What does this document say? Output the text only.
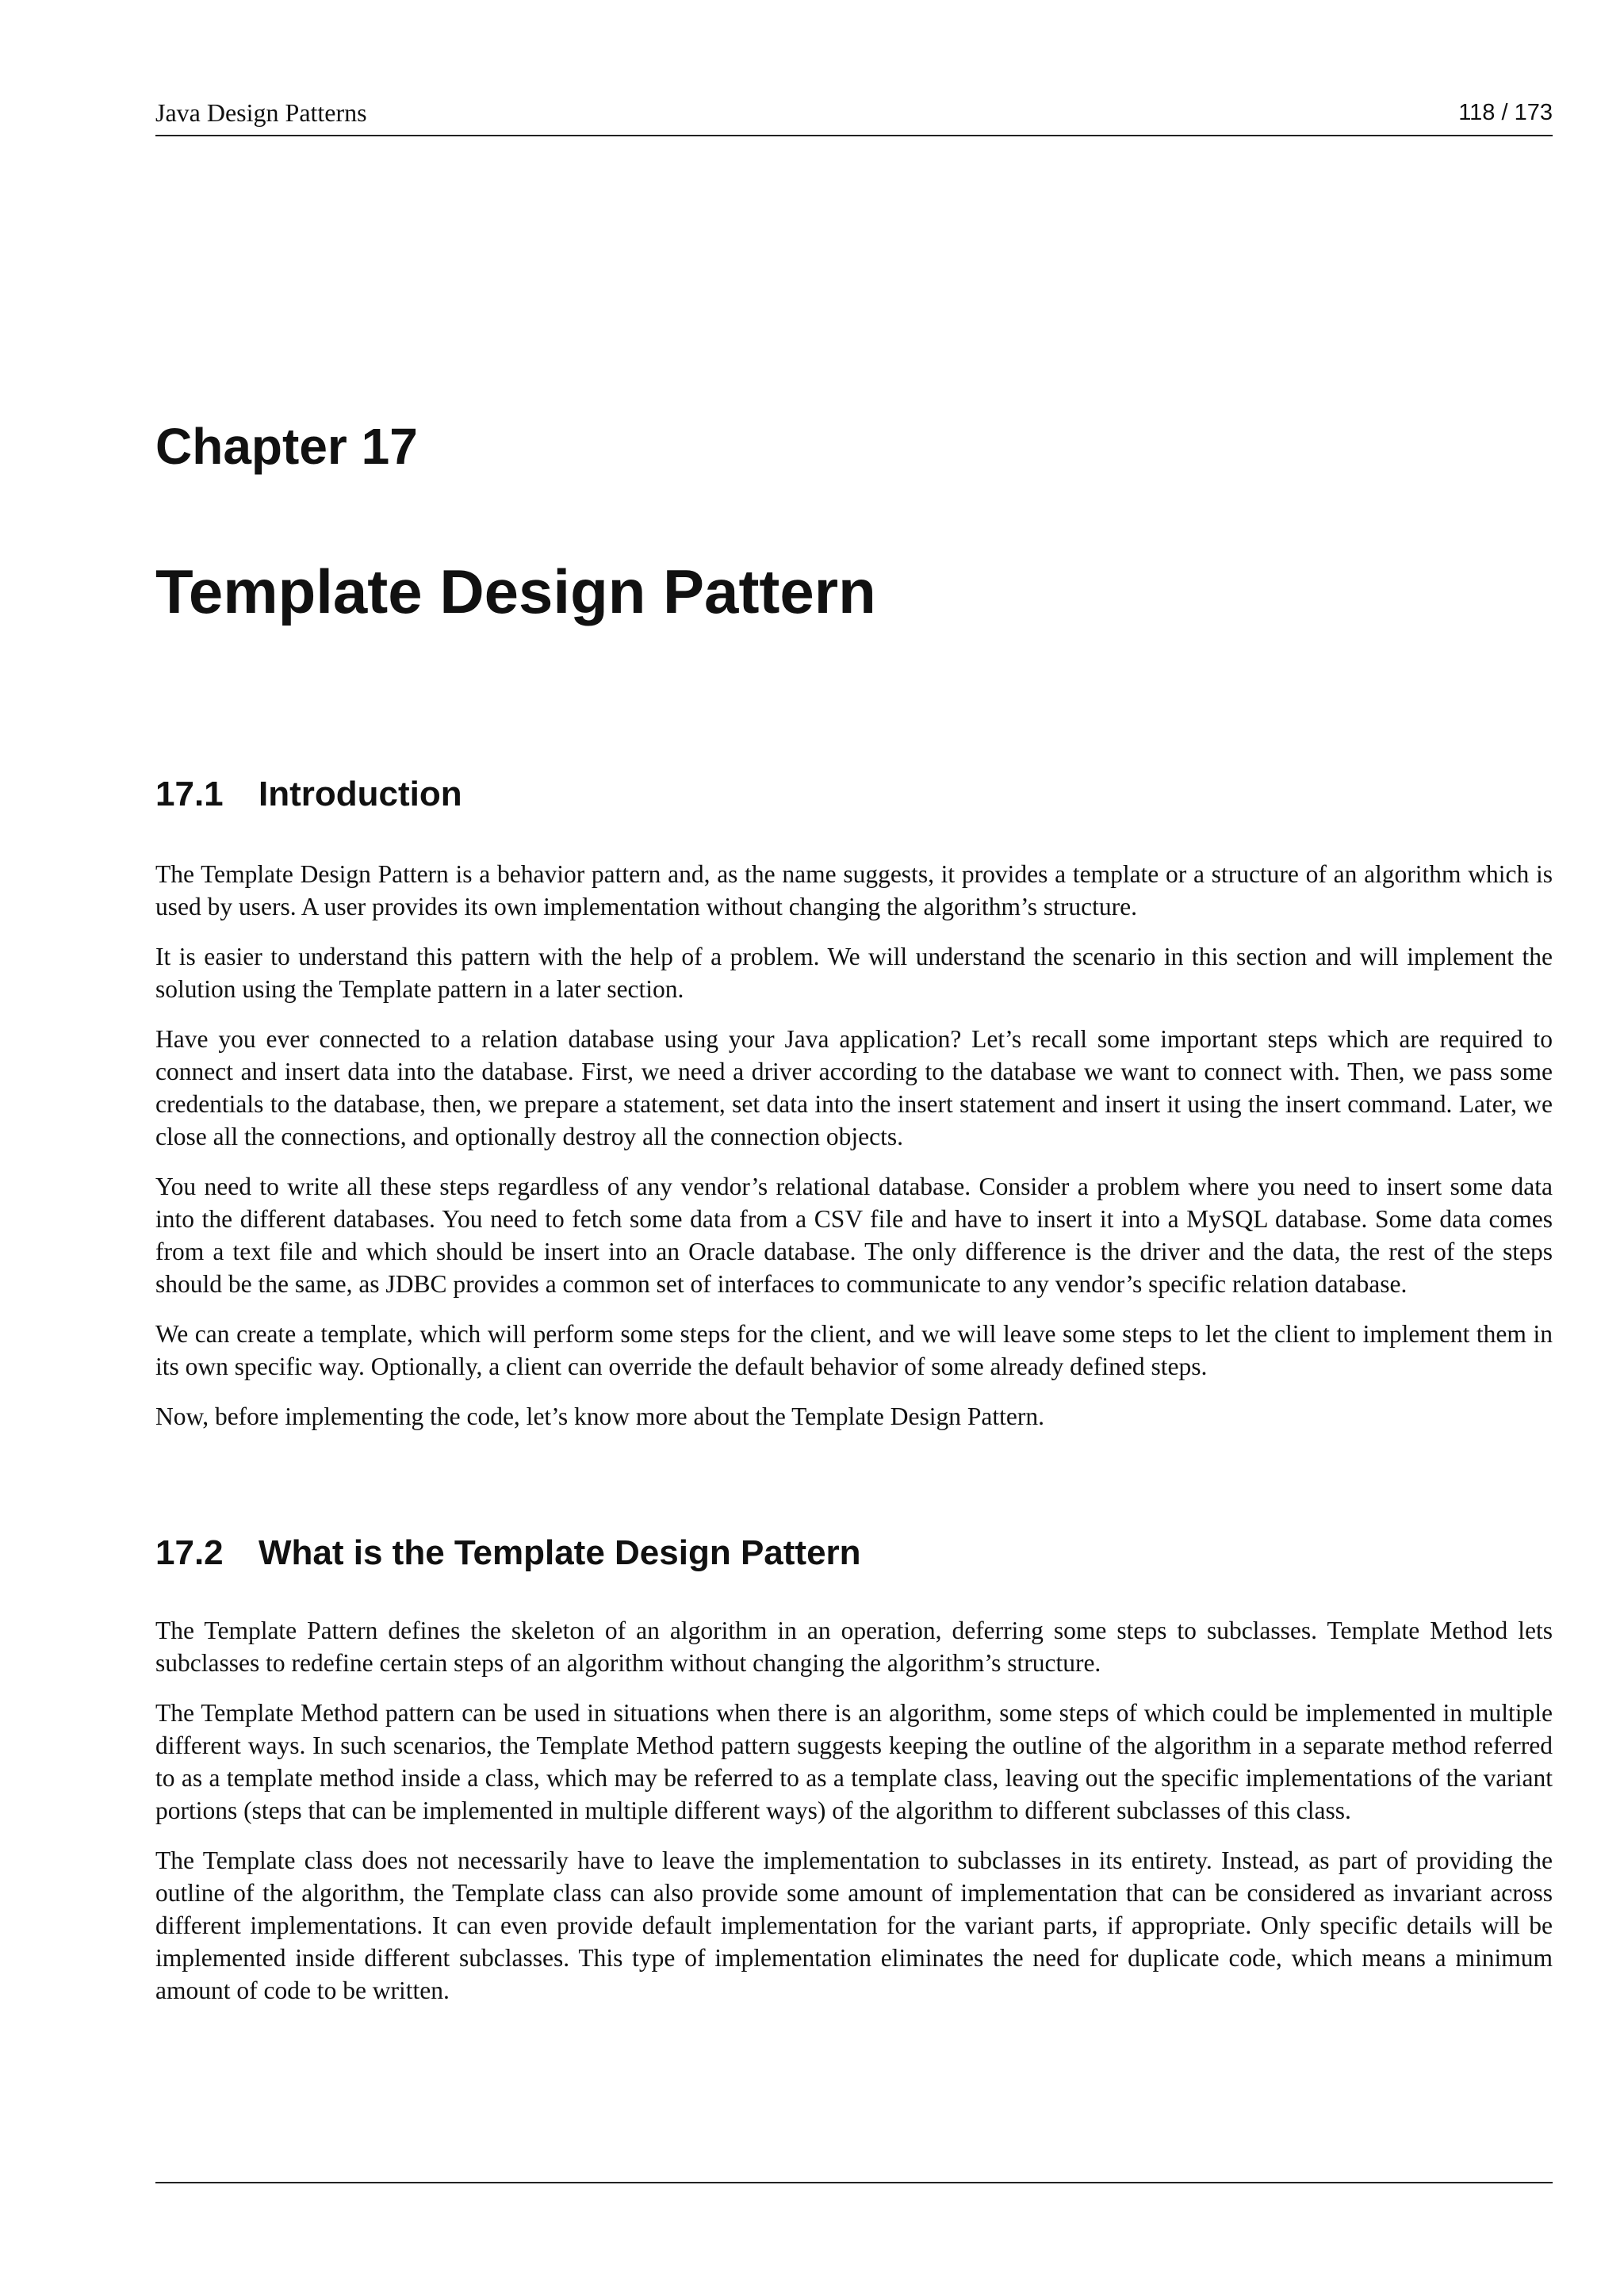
Java Design Patterns	118 / 173
Chapter 17
Template Design Pattern
17.1 Introduction

The Template Design Pattern is a behavior pattern and, as the name suggests, it provides a template or a structure of an algorithm which is used by users. A user provides its own implementation without changing the algorithm’s structure.

It is easier to understand this pattern with the help of a problem. We will understand the scenario in this section and will implement the solution using the Template pattern in a later section.

Have you ever connected to a relation database using your Java application? Let’s recall some important steps which are required to connect and insert data into the database. First, we need a driver according to the database we want to connect with. Then, we pass some credentials to the database, then, we prepare a statement, set data into the insert statement and insert it using the insert command. Later, we close all the connections, and optionally destroy all the connection objects.

You need to write all these steps regardless of any vendor’s relational database. Consider a problem where you need to insert some data into the different databases. You need to fetch some data from a CSV file and have to insert it into a MySQL database. Some data comes from a text file and which should be insert into an Oracle database. The only difference is the driver and the data, the rest of the steps should be the same, as JDBC provides a common set of interfaces to communicate to any vendor’s specific relation database.

We can create a template, which will perform some steps for the client, and we will leave some steps to let the client to implement them in its own specific way. Optionally, a client can override the default behavior of some already defined steps.

Now, before implementing the code, let’s know more about the Template Design Pattern.

17.2 What is the Template Design Pattern

The Template Pattern defines the skeleton of an algorithm in an operation, deferring some steps to subclasses. Template Method lets subclasses to redefine certain steps of an algorithm without changing the algorithm’s structure.

The Template Method pattern can be used in situations when there is an algorithm, some steps of which could be implemented in multiple different ways. In such scenarios, the Template Method pattern suggests keeping the outline of the algorithm in a separate method referred to as a template method inside a class, which may be referred to as a template class, leaving out the specific implementations of the variant portions (steps that can be implemented in multiple different ways) of the algorithm to different subclasses of this class.

The Template class does not necessarily have to leave the implementation to subclasses in its entirety. Instead, as part of providing the outline of the algorithm, the Template class can also provide some amount of implementation that can be considered as invariant across different implementations. It can even provide default implementation for the variant parts, if appropriate. Only specific details will be implemented inside different subclasses. This type of implementation eliminates the need for duplicate code, which means a minimum amount of code to be written.
